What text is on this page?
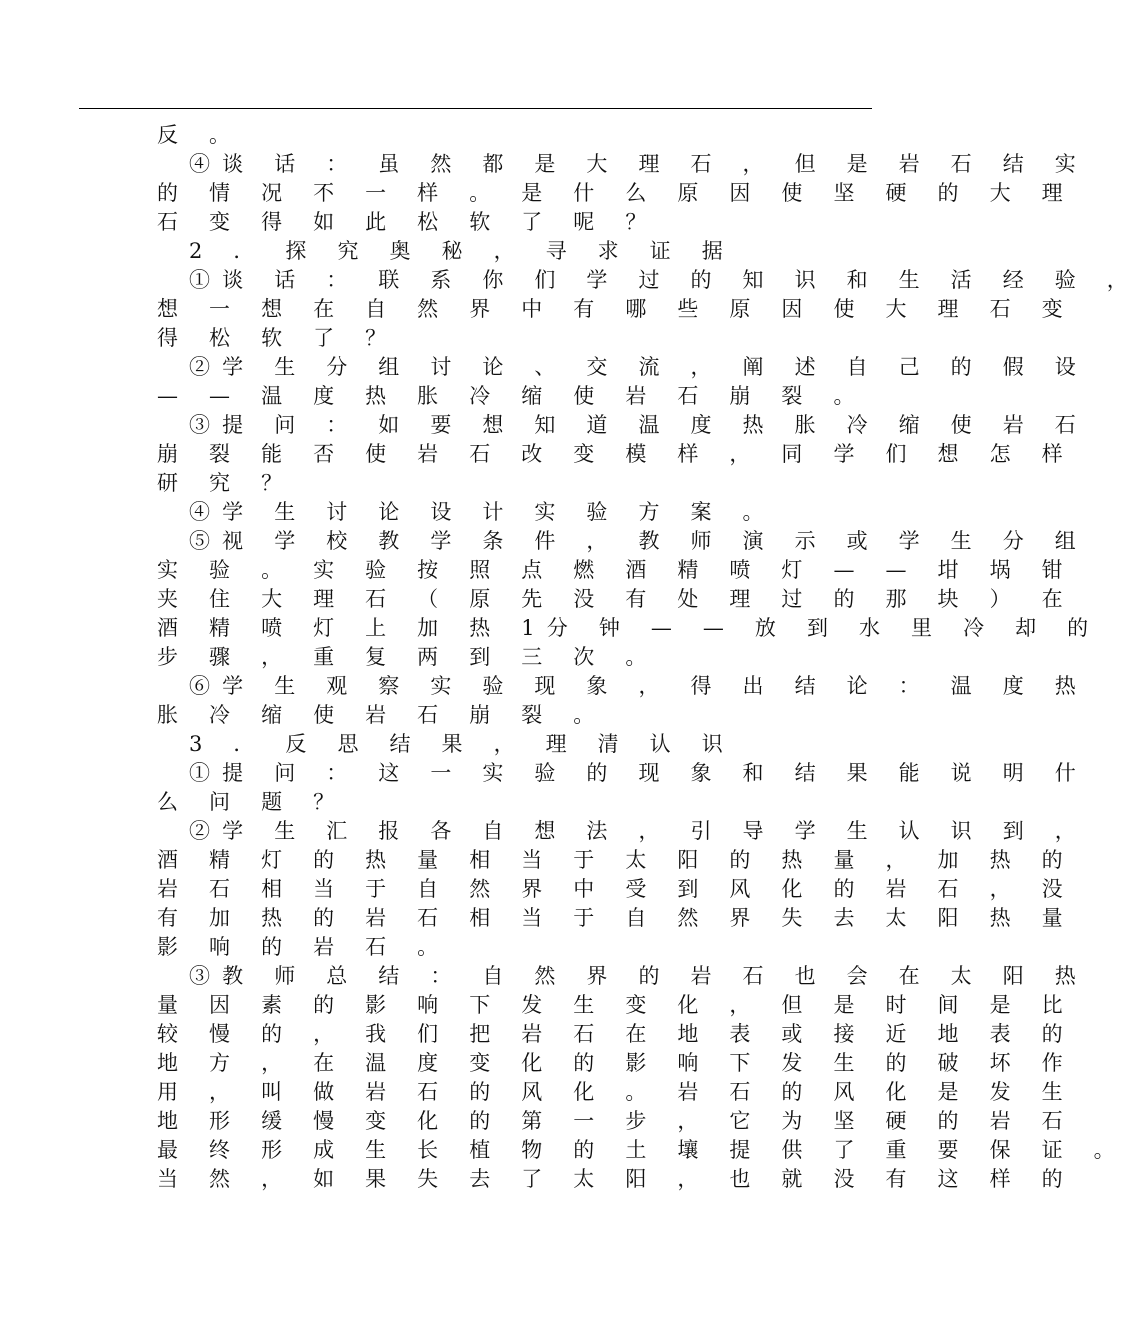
反 。
④谈 话 ： 虽 然 都 是 大 理 石 ， 但 是 岩 石 结 实
的 情 况 不 一 样 。 是 什 么 原 因 使 坚 硬 的 大 理
石 变 得 如 此 松 软 了 呢 ？
2 ． 探 究 奥 秘 ， 寻 求 证 据
①谈 话 ： 联 系 你 们 学 过 的 知 识 和 生 活 经 验 ，
想 一 想 在 自 然 界 中 有 哪 些 原 因 使 大 理 石 变
得 松 软 了 ？
②学 生 分 组 讨 论 、 交 流 ， 阐 述 自 己 的 假 设
— — 温 度 热 胀 冷 缩 使 岩 石 崩 裂 。
③提 问 ： 如 要 想 知 道 温 度 热 胀 冷 缩 使 岩 石
崩 裂 能 否 使 岩 石 改 变 模 样 ， 同 学 们 想 怎 样
研 究 ？
④学 生 讨 论 设 计 实 验 方 案 。
⑤视 学 校 教 学 条 件 ， 教 师 演 示 或 学 生 分 组
实 验 。 实 验 按 照 点 燃 酒 精 喷 灯 — — 坩 埚 钳
夹 住 大 理 石 （ 原 先 没 有 处 理 过 的 那 块 ） 在
酒 精 喷 灯 上 加 热 1分 钟 — — 放 到 水 里 冷 却 的
步 骤 ， 重 复 两 到 三 次 。
⑥学 生 观 察 实 验 现 象 ， 得 出 结 论 ： 温 度 热
胀 冷 缩 使 岩 石 崩 裂 。
3 ． 反 思 结 果 ， 理 清 认 识
①提 问 ： 这 一 实 验 的 现 象 和 结 果 能 说 明 什
么 问 题 ？
②学 生 汇 报 各 自 想 法 ， 引 导 学 生 认 识 到 ，
酒 精 灯 的 热 量 相 当 于 太 阳 的 热 量 ， 加 热 的
岩 石 相 当 于 自 然 界 中 受 到 风 化 的 岩 石 ， 没
有 加 热 的 岩 石 相 当 于 自 然 界 失 去 太 阳 热 量
影 响 的 岩 石 。
③教 师 总 结 ： 自 然 界 的 岩 石 也 会 在 太 阳 热
量 因 素 的 影 响 下 发 生 变 化 ， 但 是 时 间 是 比
较 慢 的 ， 我 们 把 岩 石 在 地 表 或 接 近 地 表 的
地 方 ， 在 温 度 变 化 的 影 响 下 发 生 的 破 坏 作
用 ， 叫 做 岩 石 的 风 化 。 岩 石 的 风 化 是 发 生
地 形 缓 慢 变 化 的 第 一 步 ， 它 为 坚 硬 的 岩 石
最 终 形 成 生 长 植 物 的 土 壤 提 供 了 重 要 保 证 。
当 然 ， 如 果 失 去 了 太 阳 ， 也 就 没 有 这 样 的
